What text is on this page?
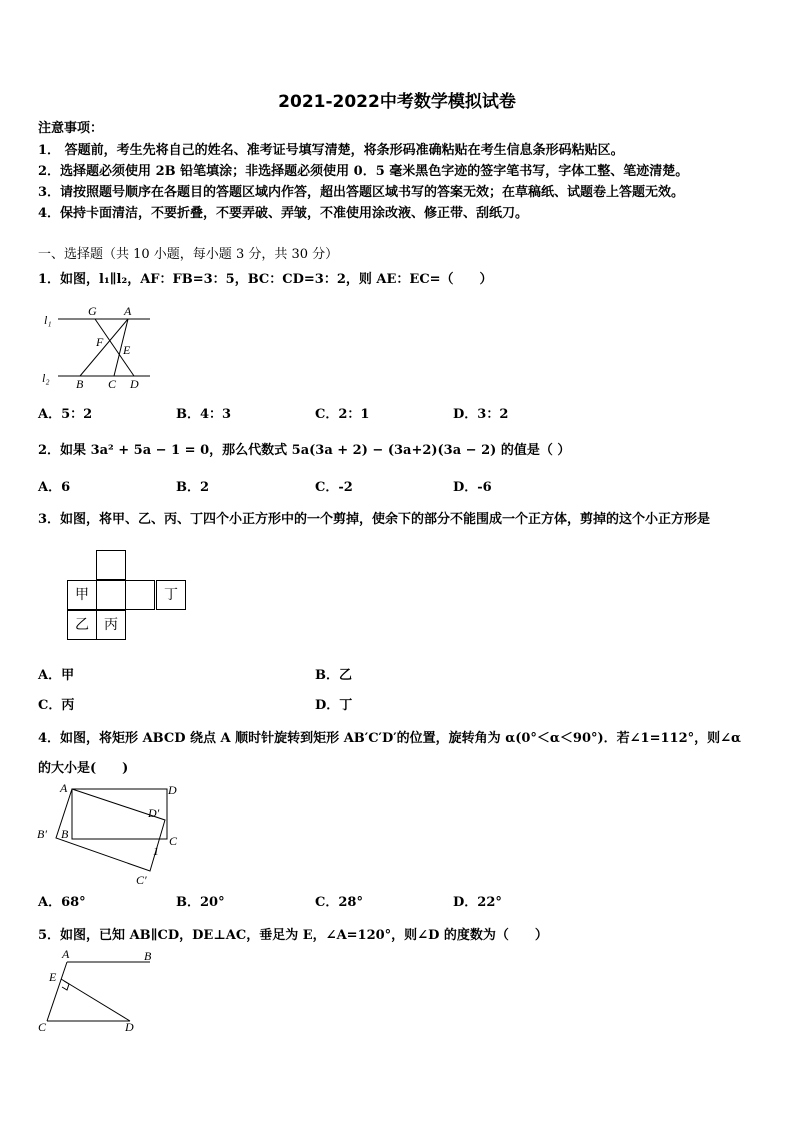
2021-2022中考数学模拟试卷
注意事项：
1． 答题前，考生先将自己的姓名、准考证号填写清楚，将条形码准确粘贴在考生信息条形码粘贴区。
2．选择题必须使用 2B 铅笔填涂；非选择题必须使用 0．5 毫米黑色字迹的签字笔书写，字体工整、笔迹清楚。
3．请按照题号顺序在各题目的答题区域内作答，超出答题区域书写的答案无效；在草稿纸、试题卷上答题无效。
4．保持卡面清洁，不要折叠，不要弄破、弄皱，不准使用涂改液、修正带、刮纸刀。
一、选择题（共 10 小题，每小题 3 分，共 30 分）
1．如图，l₁∥l₂，AF：FB=3：5，BC：CD=3：2，则 AE：EC=（　　）
G A
F
E
B C D
l₁
l₂
A．5：2	B．4：3	C．2：1	D．3：2
2．如果 3a² + 5a − 1 = 0，那么代数式 5a(3a + 2) − (3a+2)(3a − 2) 的值是（ ）
A．6	B．2	C．-2	D．-6
3．如图，将甲、乙、丙、丁四个小正方形中的一个剪掉，使余下的部分不能围成一个正方体，剪掉的这个小正方形是
甲	丁
乙	丙
A．甲	B．乙
C．丙	D．丁
4．如图，将矩形 ABCD 绕点 A 顺时针旋转到矩形 AB′C′D′的位置，旋转角为 α(0°＜α＜90°)．若∠1=112°，则∠α
的大小是(　　)
A	D
D′
B′ B	C
1
C′
A．68°	B．20°	C．28°	D．22°
5．如图，已知 AB∥CD，DE⊥AC，垂足为 E，∠A=120°，则∠D 的度数为（　　）
A	B
E
C	D
